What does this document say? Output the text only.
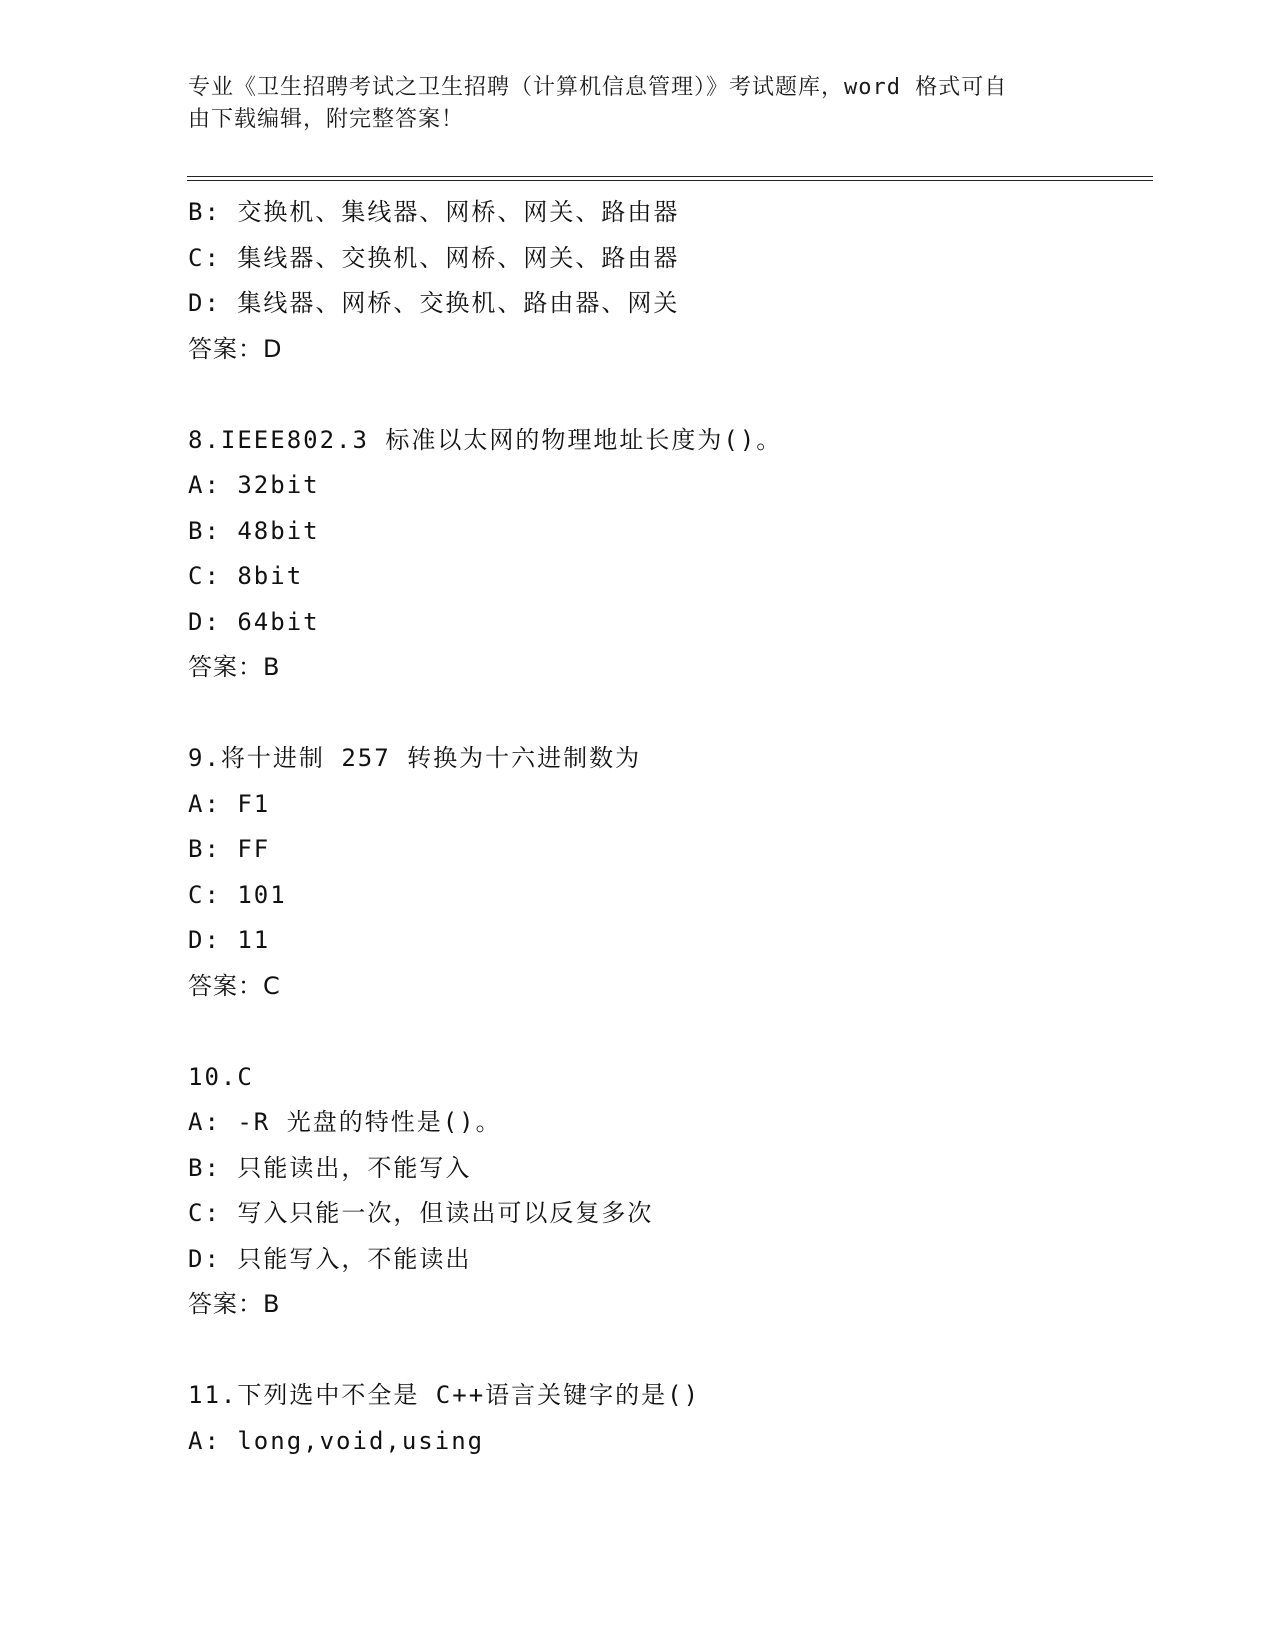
专业《卫生招聘考试之卫生招聘（计算机信息管理）》考试题库，word 格式可自
由下载编辑，附完整答案！
B: 交换机、集线器、网桥、网关、路由器
C: 集线器、交换机、网桥、网关、路由器
D: 集线器、网桥、交换机、路由器、网关
答案：D
8.IEEE802.3 标准以太网的物理地址长度为()。
A: 32bit
B: 48bit
C: 8bit
D: 64bit
答案：B
9.将十进制 257 转换为十六进制数为
A: F1
B: FF
C: 101
D: 11
答案：C
10.C
A: -R 光盘的特性是()。
B: 只能读出，不能写入
C: 写入只能一次，但读出可以反复多次
D: 只能写入，不能读出
答案：B
11.下列选中不全是 C++语言关键字的是()
A: long,void,using
